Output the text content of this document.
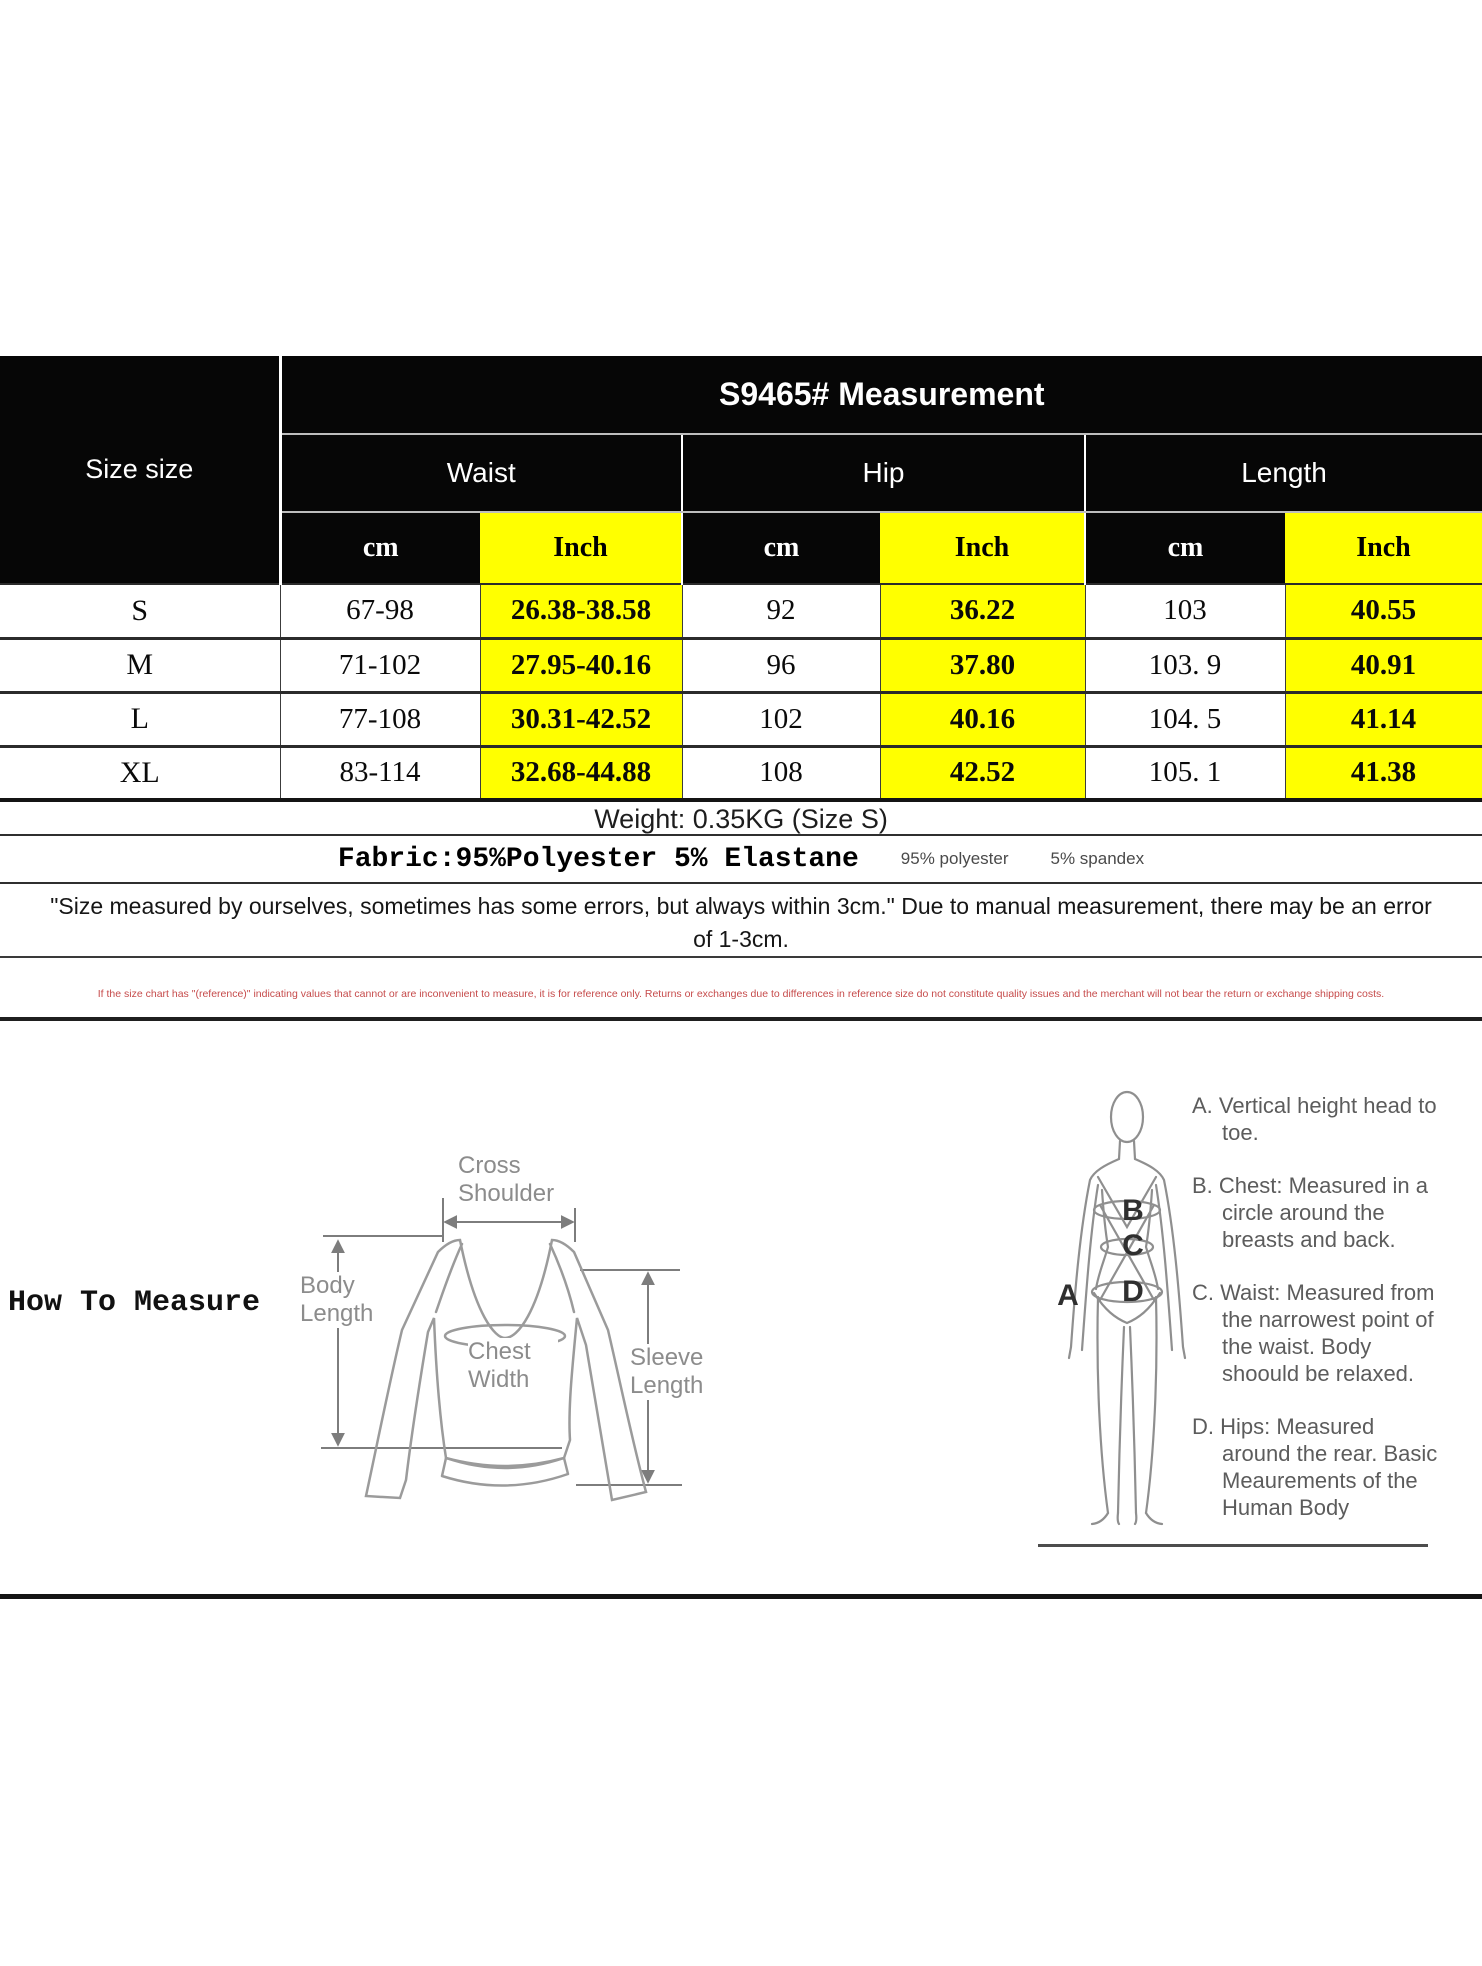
Size size	S9465# Measurement					
	Waist		Hip		Length	
	cm	Inch	cm	Inch	cm	Inch
S	67-98	26.38-38.58	92	36.22	103	40.55
M	71-102	27.95-40.16	96	37.80	103. 9	40.91
L	77-108	30.31-42.52	102	40.16	104. 5	41.14
XL	83-114	32.68-44.88	108	42.52	105. 1	41.38
Weight: 0.35KG (Size S)
Fabric:95%Polyester 5% Elastane 95% polyester 5% spandex
"Size measured by ourselves, sometimes has some errors, but always within 3cm." Due to manual measurement, there may be an error
of 1-3cm.
If the size chart has "(reference)" indicating values that cannot or are inconvenient to measure, it is for reference only. Returns or exchanges due to differences in reference size do not constitute quality issues and the merchant will not bear the return or exchange shipping costs.
How To Measure
Cross Shoulder
Body Length
Chest Width
Sleeve Length
A
B
C
D

A. Vertical height head to toe.

B. Chest: Measured in a circle around the breasts and back.

C. Waist: Measured from the narrowest point of the waist. Body shoould be relaxed.

D. Hips: Measured around the rear. Basic Meaurements of the Human Body
